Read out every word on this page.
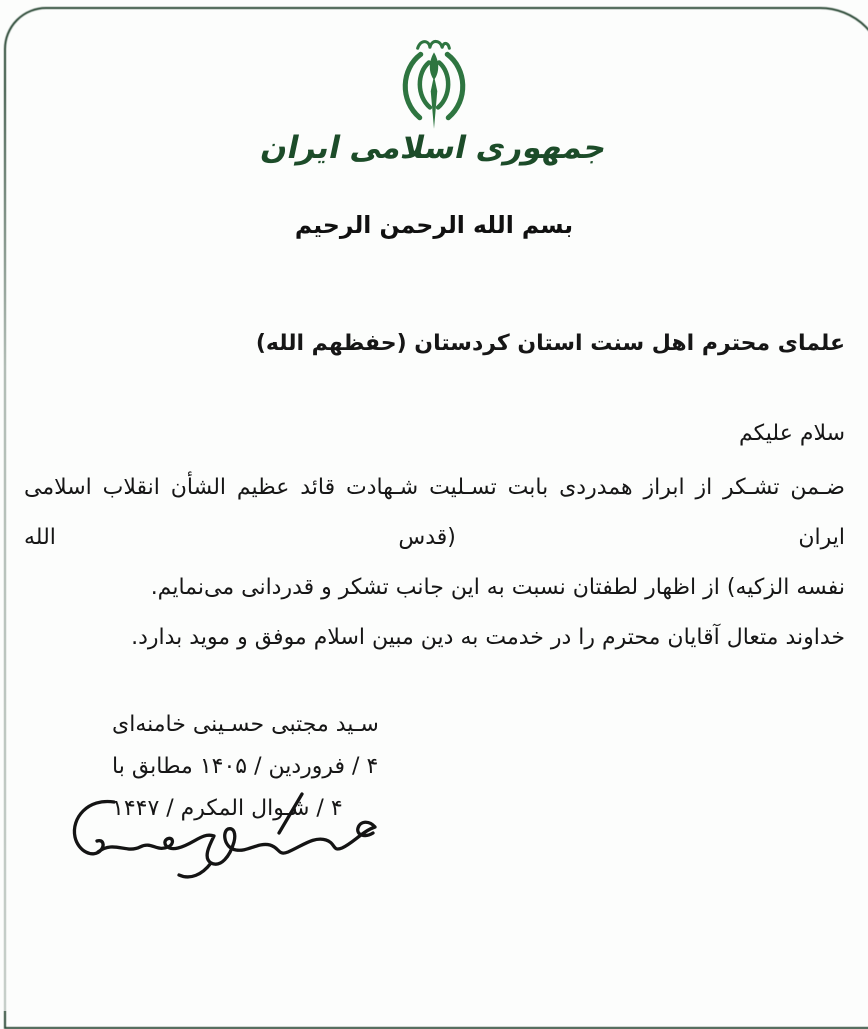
جمهوری اسلامی ایران
بسم الله الرحمن الرحیم
علمای محترم اهل سنت استان کردستان (حفظهم الله)
سلام علیکم
ضـمن تشـکر از ابراز همدردی بابت تسـلیت شـهادت قائد عظیم الشأن انقلاب اسلامی ایران (قدس الله
نفسه الزکیه) از اظهار لطفتان نسبت به این جانب تشکر و قدردانی می‌نمایم.
خداوند متعال آقایان محترم را در خدمت به دین مبین اسلام موفق و موید بدارد.
سـید مجتبی حسـینی خامنه‌ای
۴ / فروردین / ۱۴۰۵ مطابق با
۴ / شـوال المکرم / ۱۴۴۷
